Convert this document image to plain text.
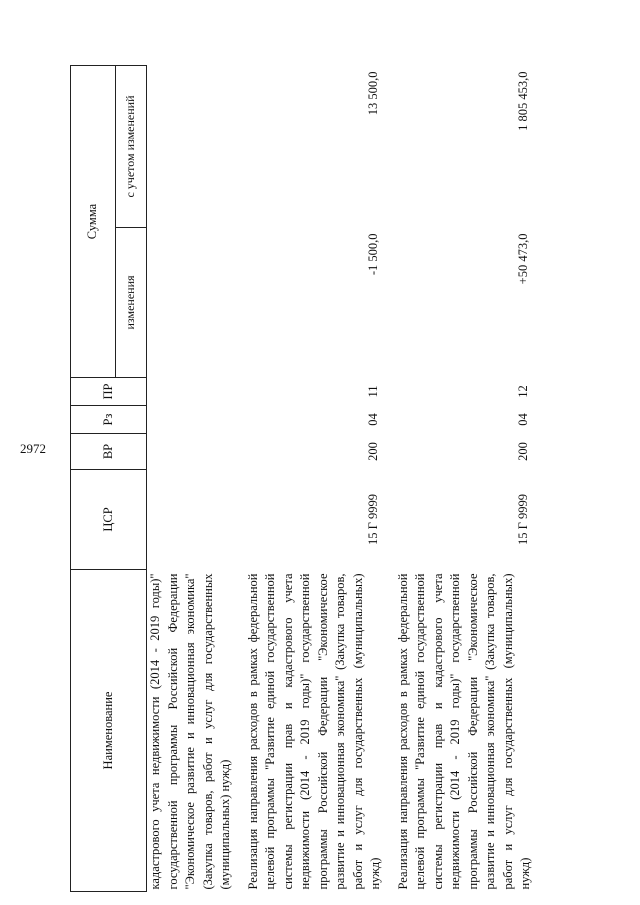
2972
Наименование	ЦСР	ВР	Рз	ПР	Сумма	
					изменения	с учетом изменений
кадастрового учета недвижимости (2014 - 2019 годы)" государственной программы Российской Федерации "Экономическое развитие и инновационная экономика" (Закупка товаров, работ и услуг для государственных (муниципальных) нужд)						
Реализация направления расходов в рамках федеральной целевой программы "Развитие единой государственной системы регистрации прав и кадастрового учета недвижимости (2014 - 2019 годы)" государственной программы Российской Федерации "Экономическое развитие и инновационная экономика" (Закупка товаров, работ и услуг для государственных (муниципальных) нужд)	15 Г 9999	200	04	11	-1 500,0	13 500,0
Реализация направления расходов в рамках федеральной целевой программы "Развитие единой государственной системы регистрации прав и кадастрового учета недвижимости (2014 - 2019 годы)" государственной программы Российской Федерации "Экономическое развитие и инновационная экономика" (Закупка товаров, работ и услуг для государственных (муниципальных) нужд)	15 Г 9999	200	04	12	+50 473,0	1 805 453,0
